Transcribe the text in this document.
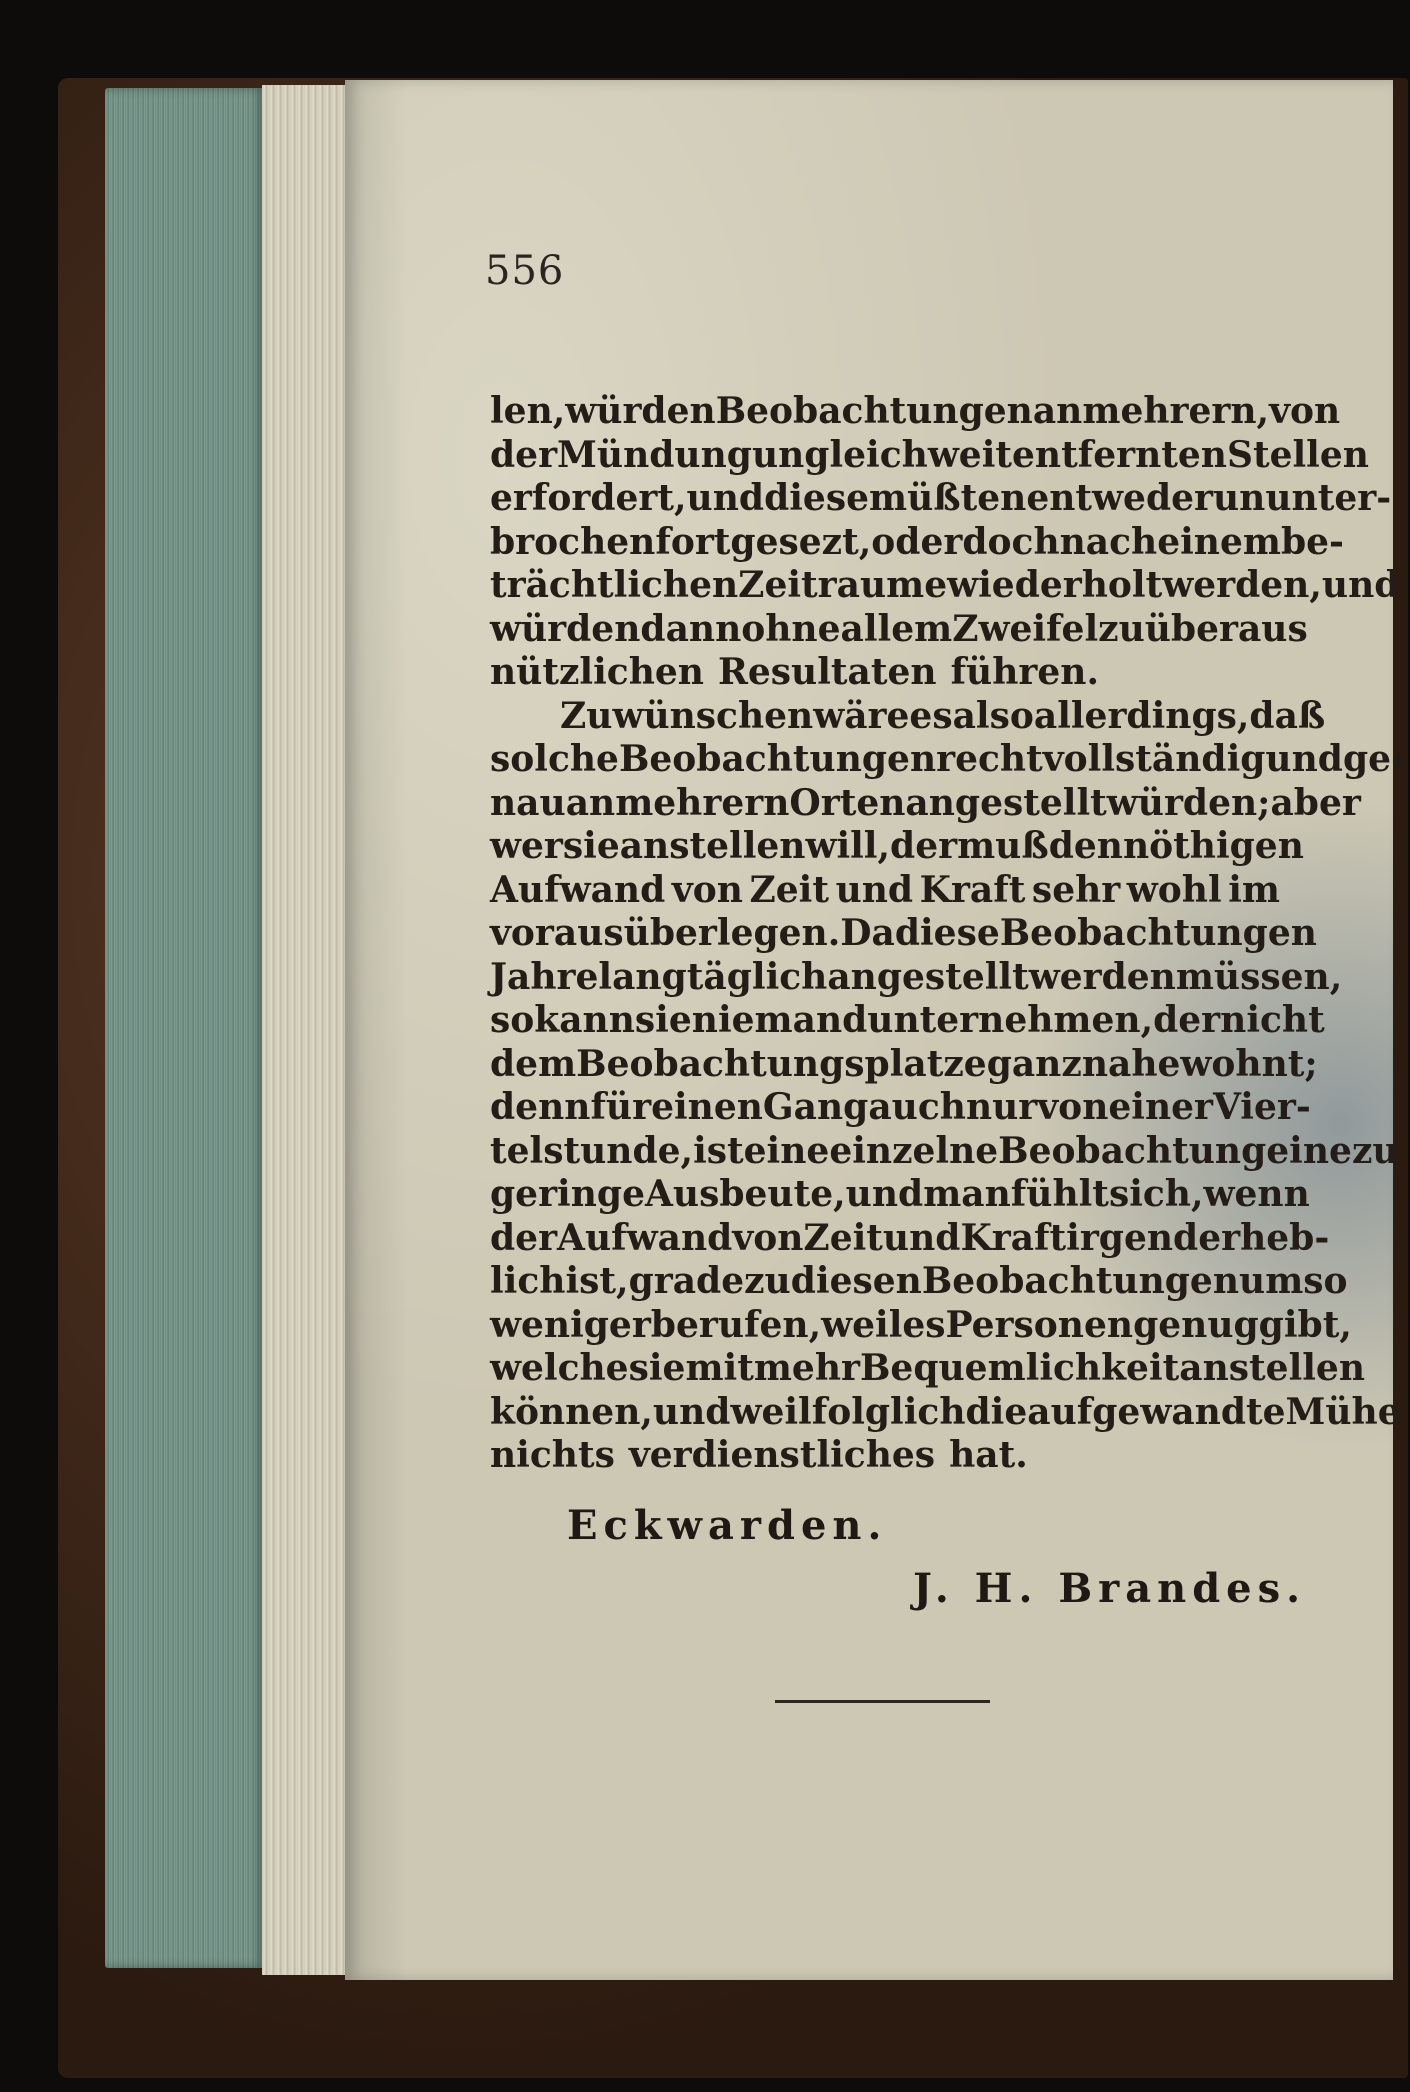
556
len, würden Beobachtungen an mehrern, von
der Mündung ungleich weit entfernten Stellen
erfordert, und diese müßten entweder ununter-
brochen fortgesezt, oder doch nach einem be-
trächtlichen Zeitraume wiederholt werden, und
würden dann ohne allem Zweifel zu überaus
nützlichen Resultaten führen.
Zu wünschen wäre es also allerdings, daß
solche Beobachtungen recht vollständig und ge-
nau an mehrern Orten angestellt würden; aber
wer sie anstellen will, der muß den nöthigen
Aufwand von Zeit und Kraft sehr wohl im
voraus überlegen. Da diese Beobachtungen
Jahre lang täglich angestellt werden müssen,
so kann sie niemand unternehmen, der nicht
dem Beobachtungsplatze ganz nahe wohnt;
denn für einen Gang auch nur von einer Vier-
telstunde, ist eine einzelne Beobachtung eine zu
geringe Ausbeute, und man fühlt sich, wenn
der Aufwand von Zeit und Kraft irgend erheb-
lich ist, grade zu diesen Beobachtungen um so
weniger berufen, weil es Personen genug gibt,
welche sie mit mehr Bequemlichkeit anstellen
können, und weil folglich die aufgewandte Mühe
nichts verdienstliches hat.
Eckwarden.
J. H. Brandes.
